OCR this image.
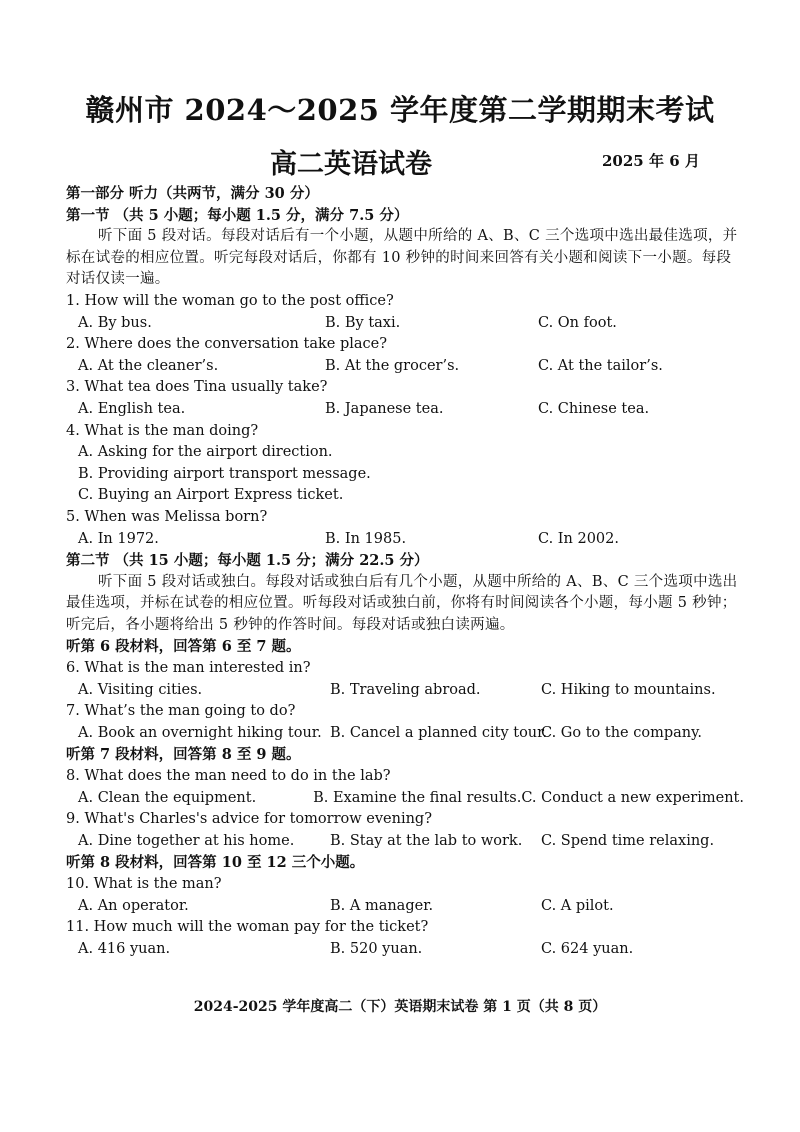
赣州市 2024～2025 学年度第二学期期末考试
高二英语试卷	2025 年 6 月
第一部分 听力（共两节，满分 30 分）
第一节 （共 5 小题；每小题 1.5 分，满分 7.5 分）
听下面 5 段对话。每段对话后有一个小题，从题中所给的 A、B、C 三个选项中选出最佳选项，并标在试卷的相应位置。听完每段对话后，你都有 10 秒钟的时间来回答有关小题和阅读下一小题。每段对话仅读一遍。
1. How will the woman go to the post office?
A. By bus.	B. By taxi.	C. On foot.
2. Where does the conversation take place?
A. At the cleaner’s.	B. At the grocer’s.	C. At the tailor’s.
3. What tea does Tina usually take?
A. English tea.	B. Japanese tea.	C. Chinese tea.
4. What is the man doing?
A. Asking for the airport direction.
B. Providing airport transport message.
C. Buying an Airport Express ticket.
5. When was Melissa born?
A. In 1972.	B. In 1985.	C. In 2002.
第二节 （共 15 小题；每小题 1.5 分；满分 22.5 分）
听下面 5 段对话或独白。每段对话或独白后有几个小题，从题中所给的 A、B、C 三个选项中选出最佳选项，并标在试卷的相应位置。听每段对话或独白前，你将有时间阅读各个小题，每小题 5 秒钟；听完后，各小题将给出 5 秒钟的作答时间。每段对话或独白读两遍。
听第 6 段材料，回答第 6 至 7 题。
6. What is the man interested in?
A. Visiting cities.	B. Traveling abroad.	C. Hiking to mountains.
7. What’s the man going to do?
A. Book an overnight hiking tour. B. Cancel a planned city tour.
C. Go to the company.
听第 7 段材料，回答第 8 至 9 题。
8. What does the man need to do in the lab?
A. Clean the equipment.	B. Examine the final results. C. Conduct a new experiment.
9. What's Charles's advice for tomorrow evening?
A. Dine together at his home.	B. Stay at the lab to work.	C. Spend time relaxing.
听第 8 段材料，回答第 10 至 12 三个小题。
10. What is the man?
A. An operator.	B. A manager.	C. A pilot.
11. How much will the woman pay for the ticket?
A. 416 yuan.	B. 520 yuan.	C. 624 yuan.
2024-2025 学年度高二（下）英语期末试卷 第 1 页（共 8 页）
